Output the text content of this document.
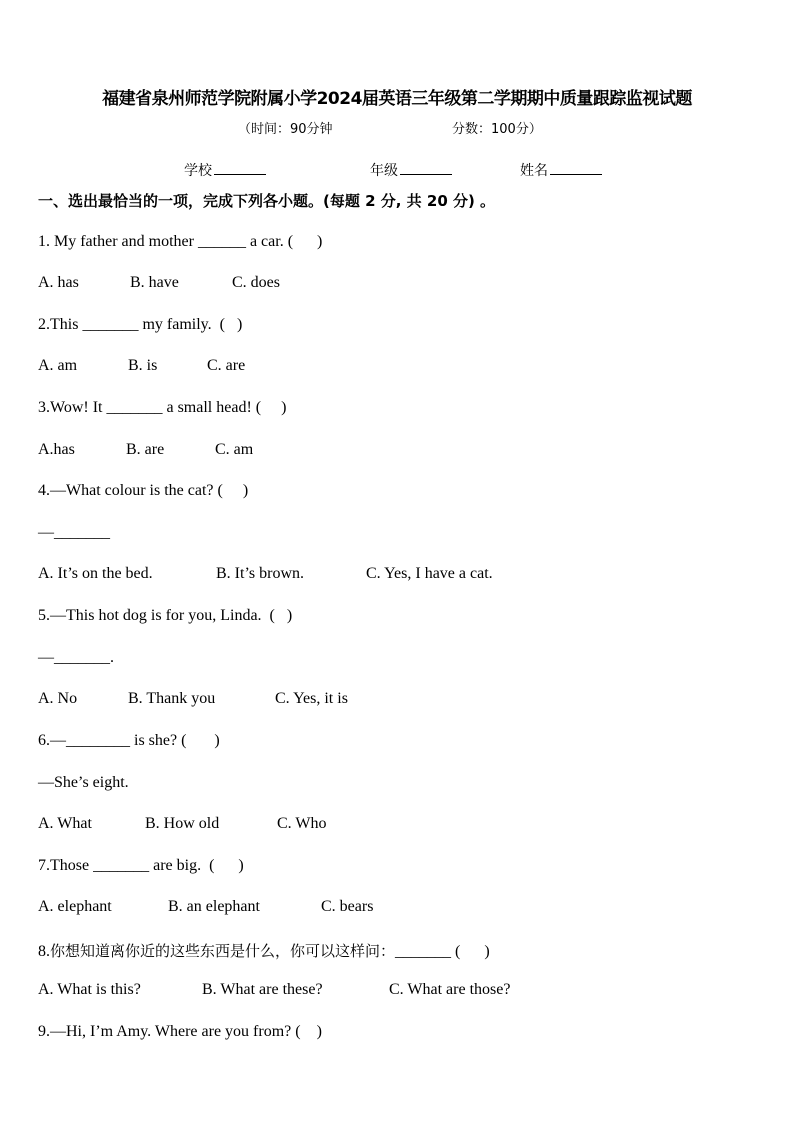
福建省泉州师范学院附属小学2024届英语三年级第二学期期中质量跟踪监视试题
（时间：90分钟	分数：100分）
学校	年级	姓名
一、选出最恰当的一项，完成下列各小题。(每题 2 分, 共 20 分) 。
1. My father and mother ______ a car. (      )
A. has	B. have	C. does
2.This _______ my family.  (   )
A. am	B. is	C. are
3.Wow! It _______ a small head! (     )
A.has	B. are	C. am
4.—What colour is the cat? (     )
—_______
A. It’s on the bed.	B. It’s brown.	C. Yes, I have a cat.
5.—This hot dog is for you, Linda.  (   )
—_______.
A. No	B. Thank you	C. Yes, it is
6.—________ is she? (       )
—She’s eight.
A. What	B. How old	C. Who
7.Those _______ are big.  (      )
A. elephant	B. an elephant	C. bears
8.你想知道离你近的这些东西是什么，你可以这样问：_______ (      )
A. What is this?	B. What are these?	C. What are those?
9.—Hi, I’m Amy. Where are you from? (    )
